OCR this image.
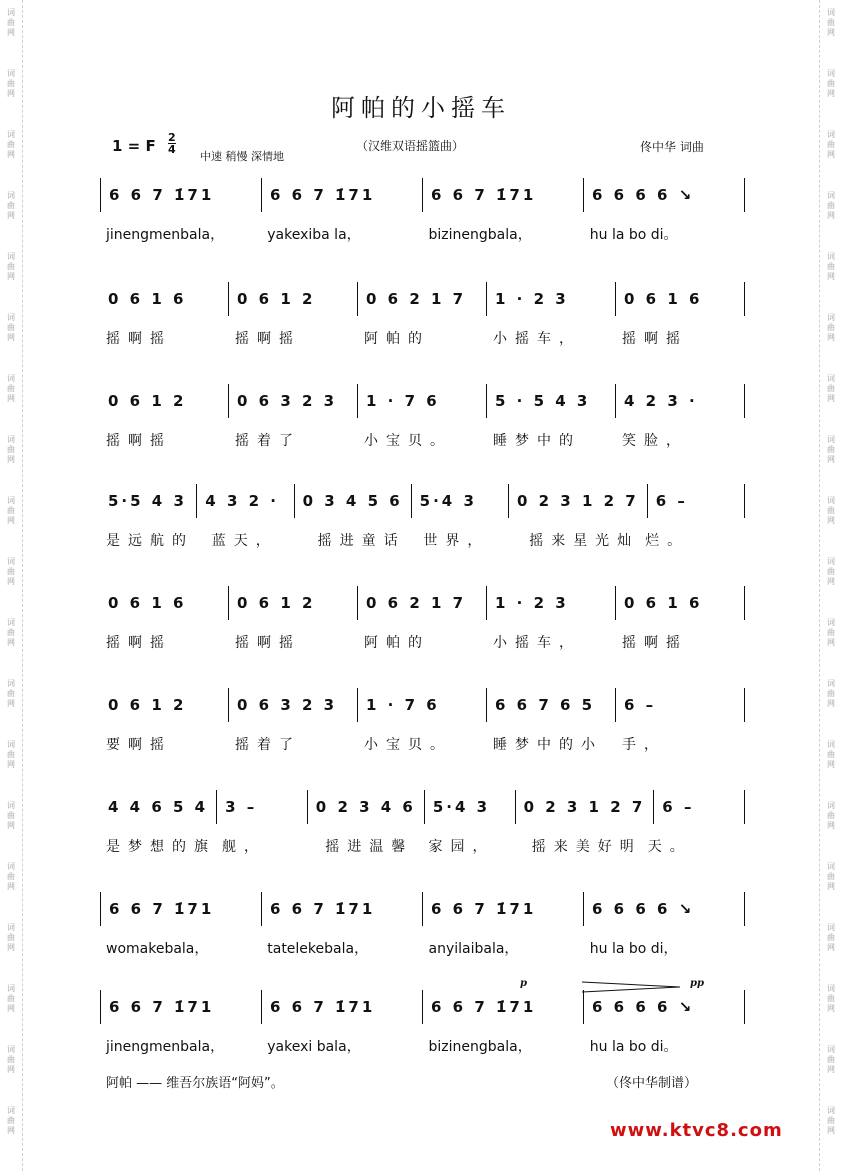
词
曲
网
词
曲
网
词
曲
网
词
曲
网
词
曲
网
词
曲
网
词
曲
网
词
曲
网
词
曲
网
词
曲
网
词
曲
网
词
曲
网
词
曲
网
词
曲
网
词
曲
网
词
曲
网
词
曲
网
词
曲
网
词
曲
网
词
曲
网
词
曲
网
词
曲
网
词
曲
网
词
曲
网
词
曲
网
词
曲
网
词
曲
网
词
曲
网
词
曲
网
词
曲
网
词
曲
网
词
曲
网
词
曲
网
词
曲
网
词
曲
网
词
曲
网
词
曲
网
词
曲
网
阿帕的小摇车
1 = F 2
4
中速 稍慢 深情地
（汉维双语摇篮曲）	佟中华 词曲
6 6 7 1̇71	6 6 7 1̇71	6 6 7 1̇71	6 6 6 6 ↘
jinengmenbala，	yakexiba la，	bizinengbala，	hu la bo di。
0 6 1 6	0 6 1 2	0 6 2 1 7	1 · 2 3	0 6 1 6
摇啊摇	摇啊摇	阿帕的	小摇车，	摇啊摇
0 6 1 2	0 6 3 2 3	1 · 7 6	5 · 5 4 3	4 2 3 ·
摇啊摇	摇着了	小宝贝。	睡梦中的	笑脸，
5·5 4 3	4 3 2 ·	0 3 4 5 6	5·4 3	0 2 3 1 2 7	6 –
是远航的	蓝天，	摇进童话	世界，	摇来星光灿 烂。
0 6 1 6	0 6 1 2	0 6 2 1 7	1 · 2 3	0 6 1 6
摇啊摇	摇啊摇	阿帕的	小摇车，	摇啊摇
0 6 1 2	0 6 3 2 3	1 · 7 6	6 6 7 6 5	6 –
要啊摇	摇着了	小宝贝。	睡梦中的小	手，
4 4 6 5 4	3 –	0 2 3 4 6	5·4 3	0 2 3 1 2 7	6 –
是梦想的旗 舰，	摇进温馨	家园，	摇来美好明 天。
6 6 7 1̇71	6 6 7 1̇71	6 6 7 1̇71	6 6 6 6 ↘
womakebala，	tatelekebala，	anyilaibala，	hu la bo di，
6 6 7 1̇71	6 6 7 1̇71	6 6 7 1̇71	6 6 6 6 ↘
jinengmenbala，	yakexi bala，	bizinengbala，	hu la bo di。
p	pp
阿帕 —— 维吾尔族语“阿妈”。	（佟中华制谱）
www.ktvc8.com
